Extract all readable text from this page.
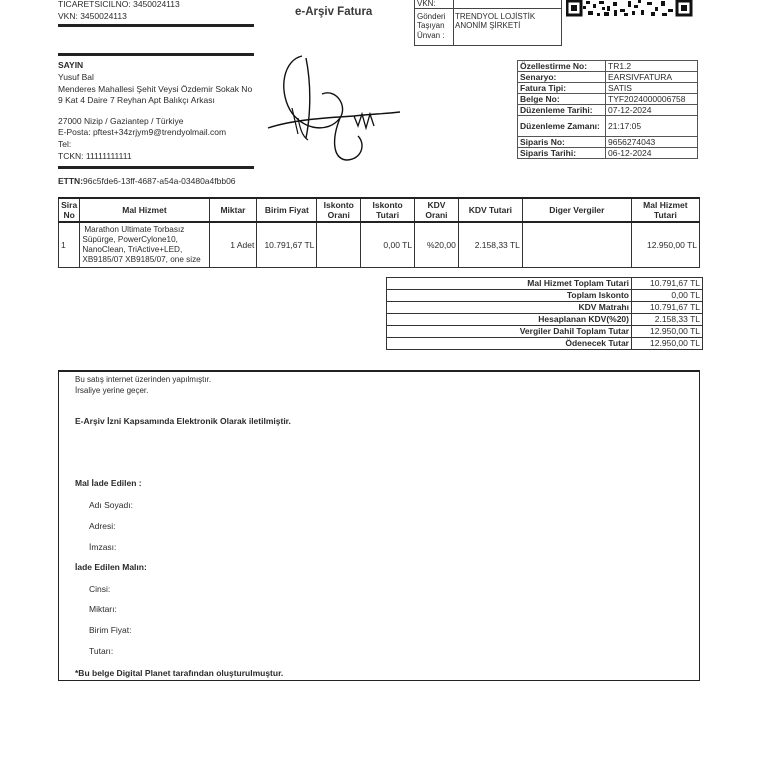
TICARETSICILNO: 3450024113
VKN: 3450024113	e-Arşiv Fatura
VKN:
Gönderi
Taşıyan
Ünvan :
TRENDYOL LOJİSTİK
ANONİM ŞİRKETİ
SAYIN
Yusuf Bal
Menderes Mahallesi Şehit Veysi Özdemir Sokak No
9 Kat 4 Daire 7 Reyhan Apt Balıkçı Arkası
27000 Nizip / Gaziantep / Türkiye
E-Posta: pftest+34zrjym9@trendyolmail.com
Tel:
TCKN: 11111111111
ETTN:96c5fde6-13ff-4687-a54a-03480a4fbb06
Özellestirme No:	TR1.2
Senaryo:	EARSIVFATURA
Fatura Tipi:	SATIS
Belge No:	TYF2024000006758
Düzenleme Tarihi:	07-12-2024
Düzenleme Zamanı:	21:17:05
Siparis No:	9656274043
Siparis Tarihi:	06-12-2024
Sira No	Mal Hizmet	Miktar	Birim Fiyat	Iskonto Orani	Iskonto Tutari	KDV Orani	KDV Tutari	Diger Vergiler	Mal Hizmet Tutari
1	Marathon Ultimate Torbasız
Süpürge, PowerCylone10,
NanoClean, TriActive+LED,
XB9185/07 XB9185/07, one size	1 Adet	10.791,67 TL		0,00 TL	%20,00	2.158,33 TL		12.950,00 TL
Mal Hizmet Toplam Tutari	10.791,67 TL
Toplam Iskonto	0,00 TL
KDV Matrahı	10.791,67 TL
Hesaplanan KDV(%20)	2.158,33 TL
Vergiler Dahil Toplam Tutar	12.950,00 TL
Ödenecek Tutar	12.950,00 TL
Bu satış internet üzerinden yapılmıştır.
İrsaliye yerine geçer.
E-Arşiv İzni Kapsamında Elektronik Olarak iletilmiştir.
Mal İade Edilen :
Adı Soyadı:
Adresi:
İmzası:
İade Edilen Malın:
Cinsi:
Miktarı:
Birim Fiyat:
Tutarı:
*Bu belge Digital Planet tarafından oluşturulmuştur.
